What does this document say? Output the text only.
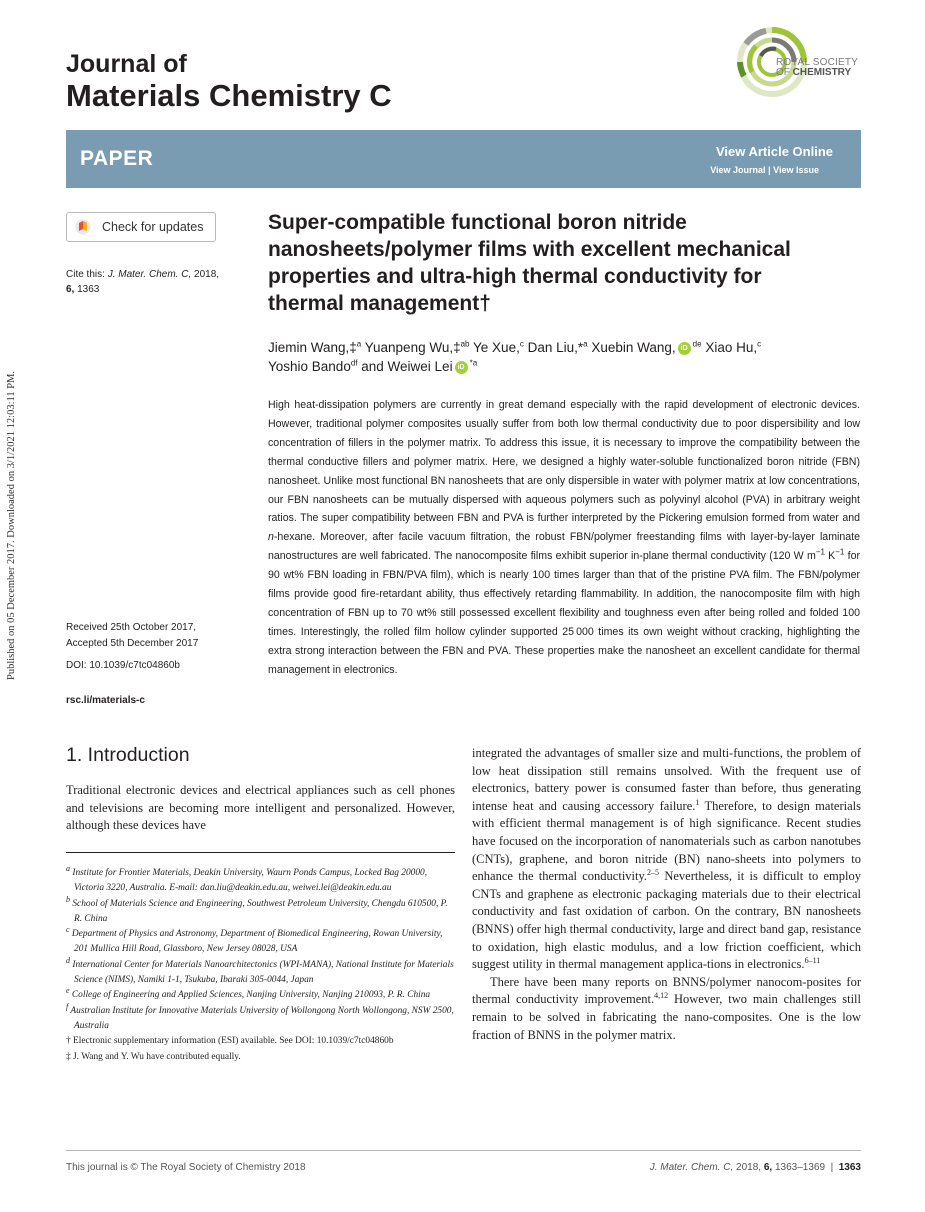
Published on 05 December 2017. Downloaded on 3/1/2021 12:03:11 PM.
Journal of
Materials Chemistry C
ROYAL SOCIETY
OF CHEMISTRY
PAPER	View Article Online
View Journal | View Issue
Check for updates
Cite this: J. Mater. Chem. C, 2018,
6, 1363
Super-compatible functional boron nitride nanosheets/polymer films with excellent mechanical properties and ultra-high thermal conductivity for thermal management†
Jiemin Wang,‡$^a$ Yuanpeng Wu,‡$^{ab}$ Ye Xue,$^c$ Dan Liu,*$^a$ Xuebin Wang, iD $^{de}$ Xiao Hu,$^c$
Yoshio Bando$^{df}$ and Weiwei Lei iD $^{*a}$
High heat-dissipation polymers are currently in great demand especially with the rapid development of electronic devices. However, traditional polymer composites usually suffer from both low thermal conductivity due to poor dispersibility and low concentration of fillers in the polymer matrix. To address this issue, it is necessary to improve the compatibility between the thermal conductive fillers and polymer matrix. Here, we designed a highly water-soluble functionalized boron nitride (FBN) nanosheet. Unlike most functional BN nanosheets that are only dispersible in water with polymer matrix at low concentrations, our FBN nanosheets can be mutually dispersed with aqueous polymers such as polyvinyl alcohol (PVA) in arbitrary weight ratios. The super compatibility between FBN and PVA is further interpreted by the Pickering emulsion formed from water and n-hexane. Moreover, after facile vacuum filtration, the robust FBN/polymer freestanding films with layer-by-layer laminate nanostructures are well fabricated. The nanocomposite films exhibit superior in-plane thermal conductivity (120 W $m^{-1}$ $K^{-1}$ for 90 wt% FBN loading in FBN/PVA film), which is nearly 100 times larger than that of the pristine PVA film. The FBN/polymer films provide good fire-retardant ability, thus effectively retarding flammability. In addition, the nanocomposite film with high concentration of FBN up to 70 wt% still possessed excellent flexibility and toughness even after being rolled and folded 100 times. Interestingly, the rolled film hollow cylinder supported 25 000 times its own weight without cracking, highlighting the extra strong interaction between the FBN and PVA. These properties make the nanosheet an excellent candidate for thermal management in electronics.
Received 25th October 2017,
Accepted 5th December 2017
DOI: 10.1039/c7tc04860b
rsc.li/materials-c
1. Introduction
Traditional electronic devices and electrical appliances such as cell phones and televisions are becoming more intelligent and personalized. However, although these devices have

integrated the advantages of smaller size and multi-functions, the problem of low heat dissipation still remains unsolved. With the frequent use of electronics, battery power is consumed faster than before, thus generating intense heat and causing accessory failure.$^1$ Therefore, to design materials with efficient thermal management is of high significance. Recent studies have focused on the incorporation of nanomaterials such as carbon nanotubes (CNTs), graphene, and boron nitride (BN) nano-sheets into polymers to enhance the thermal conductivity.$^{2-5}$ Nevertheless, it is difficult to employ CNTs and graphene as electronic packaging materials due to their electrical conductivity and fast oxidation of carbon. On the contrary, BN nanosheets (BNNS) offer high thermal conductivity, large and direct band gap, resistance to oxidation, high elastic modulus, and a low friction coefficient, which suggest utility in thermal management applica-tions in electronics.$^{6-11}$

There have been many reports on BNNS/polymer nanocom-posites for thermal conductivity improvement.$^{4,12}$ However, two main challenges still remain to be solved in fabricating the nano-composites. One is the low fraction of BNNS in the polymer matrix.

$^a$ Institute for Frontier Materials, Deakin University, Waurn Ponds Campus, Locked Bag 20000, Victoria 3220, Australia. E-mail: dan.liu@deakin.edu.au, weiwei.lei@deakin.edu.au
$^b$ School of Materials Science and Engineering, Southwest Petroleum University, Chengdu 610500, P. R. China
$^c$ Department of Physics and Astronomy, Department of Biomedical Engineering, Rowan University, 201 Mullica Hill Road, Glassboro, New Jersey 08028, USA
$^d$ International Center for Materials Nanoarchitectonics (WPI-MANA), National Institute for Materials Science (NIMS), Namiki 1-1, Tsukuba, Ibaraki 305-0044, Japan
$^e$ College of Engineering and Applied Sciences, Nanjing University, Nanjing 210093, P. R. China
$^f$ Australian Institute for Innovative Materials University of Wollongong North Wollongong, NSW 2500, Australia
† Electronic supplementary information (ESI) available. See DOI: 10.1039/c7tc04860b
‡ J. Wang and Y. Wu have contributed equally.
This journal is © The Royal Society of Chemistry 2018	J. Mater. Chem. C, 2018, 6, 1363–1369 | 1363
